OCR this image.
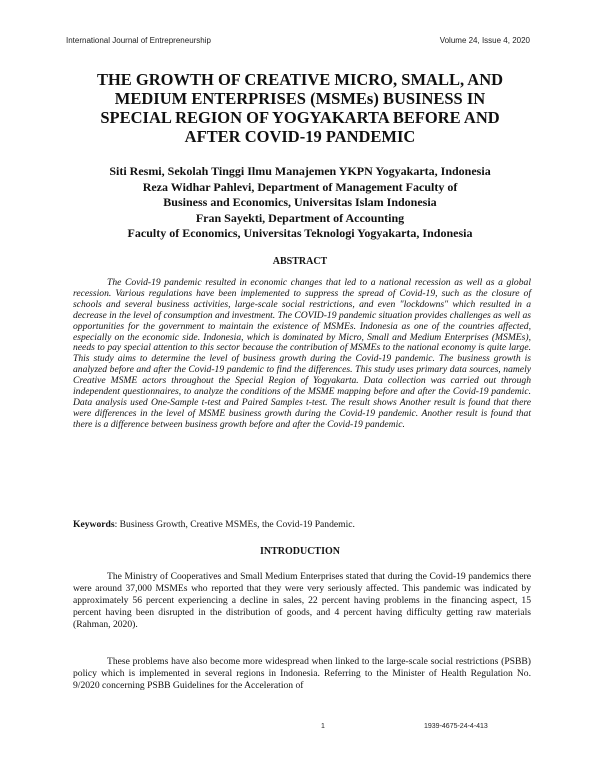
International Journal of Entrepreneurship	Volume 24, Issue 4, 2020
THE GROWTH OF CREATIVE MICRO, SMALL, AND
MEDIUM ENTERPRISES (MSMEs) BUSINESS IN
SPECIAL REGION OF YOGYAKARTA BEFORE AND
AFTER COVID-19 PANDEMIC
Siti Resmi, Sekolah Tinggi Ilmu Manajemen YKPN Yogyakarta, Indonesia
Reza Widhar Pahlevi, Department of Management Faculty of
Business and Economics, Universitas Islam Indonesia
Fran Sayekti, Department of Accounting
Faculty of Economics, Universitas Teknologi Yogyakarta, Indonesia
ABSTRACT

The Covid-19 pandemic resulted in economic changes that led to a national recession as well as a global recession. Various regulations have been implemented to suppress the spread of Covid-19, such as the closure of schools and several business activities, large-scale social restrictions, and even "lockdowns" which resulted in a decrease in the level of consumption and investment. The COVID-19 pandemic situation provides challenges as well as opportunities for the government to maintain the existence of MSMEs. Indonesia as one of the countries affected, especially on the economic side. Indonesia, which is dominated by Micro, Small and Medium Enterprises (MSMEs), needs to pay special attention to this sector because the contribution of MSMEs to the national economy is quite large. This study aims to determine the level of business growth during the Covid-19 pandemic. The business growth is analyzed before and after the Covid-19 pandemic to find the differences. This study uses primary data sources, namely Creative MSME actors throughout the Special Region of Yogyakarta. Data collection was carried out through independent questionnaires, to analyze the conditions of the MSME mapping before and after the Covid-19 pandemic. Data analysis used One-Sample t-test and Paired Samples t-test. The result shows Another result is found that there were differences in the level of MSME business growth during the Covid-19 pandemic. Another result is found that there is a difference between business growth before and after the Covid-19 pandemic.

Keywords: Business Growth, Creative MSMEs, the Covid-19 Pandemic.
INTRODUCTION

The Ministry of Cooperatives and Small Medium Enterprises stated that during the Covid-19 pandemics there were around 37,000 MSMEs who reported that they were very seriously affected. This pandemic was indicated by approximately 56 percent experiencing a decline in sales, 22 percent having problems in the financing aspect, 15 percent having been disrupted in the distribution of goods, and 4 percent having difficulty getting raw materials (Rahman, 2020).

These problems have also become more widespread when linked to the large-scale social restrictions (PSBB) policy which is implemented in several regions in Indonesia. Referring to the Minister of Health Regulation No. 9/2020 concerning PSBB Guidelines for the Acceleration of

1	1939-4675-24-4-413
